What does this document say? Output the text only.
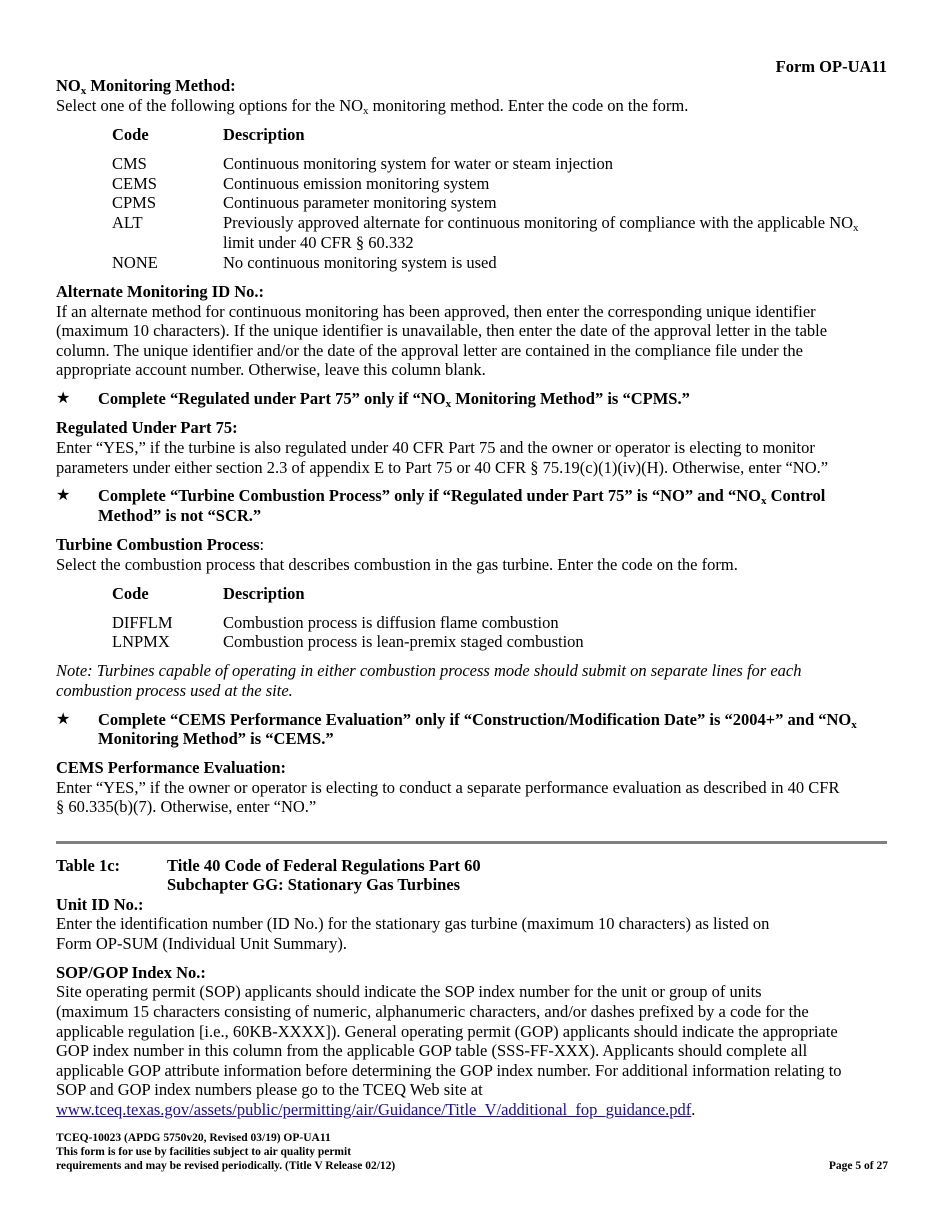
Form OP-UA11
$NO_x$ Monitoring Method:
Select one of the following options for the $NO_x$ monitoring method. Enter the code on the form.
Code	Description
CMS	Continuous monitoring system for water or steam injection
CEMS	Continuous emission monitoring system
CPMS	Continuous parameter monitoring system
ALT	Previously approved alternate for continuous monitoring of compliance with the applicable $NO_x$
limit under 40 CFR § 60.332
NONE	No continuous monitoring system is used
Alternate Monitoring ID No.:
If an alternate method for continuous monitoring has been approved, then enter the corresponding unique identifier
(maximum 10 characters). If the unique identifier is unavailable, then enter the date of the approval letter in the table
column. The unique identifier and/or the date of the approval letter are contained in the compliance file under the
appropriate account number. Otherwise, leave this column blank.
★ Complete “Regulated under Part 75” only if “$NO_x$ Monitoring Method” is “CPMS.”
Regulated Under Part 75:
Enter “YES,” if the turbine is also regulated under 40 CFR Part 75 and the owner or operator is electing to monitor
parameters under either section 2.3 of appendix E to Part 75 or 40 CFR § 75.19(c)(1)(iv)(H). Otherwise, enter “NO.”
★ Complete “Turbine Combustion Process” only if “Regulated under Part 75” is “NO” and “$NO_x$ Control
Method” is not “SCR.”
Turbine Combustion Process:
Select the combustion process that describes combustion in the gas turbine. Enter the code on the form.
Code	Description
DIFFLM	Combustion process is diffusion flame combustion
LNPMX	Combustion process is lean-premix staged combustion
Note: Turbines capable of operating in either combustion process mode should submit on separate lines for each
combustion process used at the site.
★ Complete “CEMS Performance Evaluation” only if “Construction/Modification Date” is “2004+” and “$NO_x$
Monitoring Method” is “CEMS.”
CEMS Performance Evaluation:
Enter “YES,” if the owner or operator is electing to conduct a separate performance evaluation as described in 40 CFR
§ 60.335(b)(7). Otherwise, enter “NO.”
Table 1c:	Title 40 Code of Federal Regulations Part 60
Subchapter GG: Stationary Gas Turbines
Unit ID No.:
Enter the identification number (ID No.) for the stationary gas turbine (maximum 10 characters) as listed on
Form OP-SUM (Individual Unit Summary).
SOP/GOP Index No.:
Site operating permit (SOP) applicants should indicate the SOP index number for the unit or group of units
(maximum 15 characters consisting of numeric, alphanumeric characters, and/or dashes prefixed by a code for the
applicable regulation [i.e., 60KB-XXXX]). General operating permit (GOP) applicants should indicate the appropriate
GOP index number in this column from the applicable GOP table (SSS-FF-XXX). Applicants should complete all
applicable GOP attribute information before determining the GOP index number. For additional information relating to
SOP and GOP index numbers please go to the TCEQ Web site at
www.tceq.texas.gov/assets/public/permitting/air/Guidance/Title_V/additional_fop_guidance.pdf.
TCEQ-10023 (APDG 5750v20, Revised 03/19) OP-UA11
This form is for use by facilities subject to air quality permit
requirements and may be revised periodically. (Title V Release 02/12)	Page 5 of 27
